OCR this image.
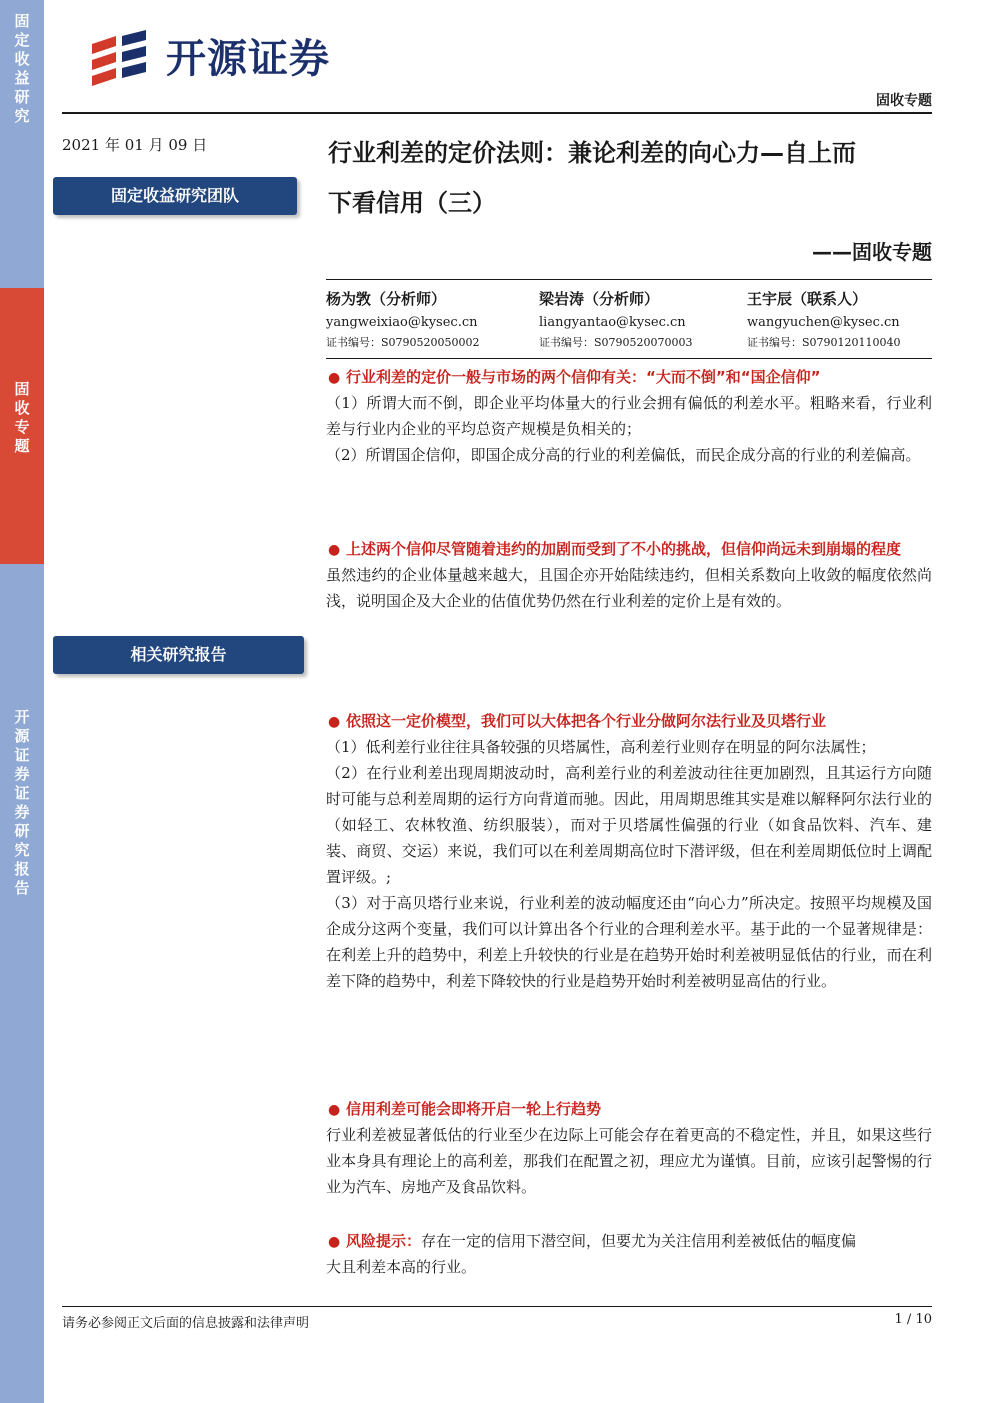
固定收益研究
固收专题
开源证券 证券研究报告
开源证券
固收专题
2021 年 01 月 09 日
固定收益研究团队
相关研究报告
行业利差的定价法则：兼论利差的向心力—自上而
下看信用（三）
——固收专题
杨为敩（分析师）
yangweixiao@kysec.cn
证书编号：S0790520050002
梁岩涛（分析师）
liangyantao@kysec.cn
证书编号：S0790520070003
王宇辰（联系人）
wangyuchen@kysec.cn
证书编号：S0790120110040
● 行业利差的定价一般与市场的两个信仰有关：“大而不倒”和“国企信仰”
（1）所谓大而不倒，即企业平均体量大的行业会拥有偏低的利差水平。粗略来看，行业利差与行业内企业的平均总资产规模是负相关的；
（2）所谓国企信仰，即国企成分高的行业的利差偏低，而民企成分高的行业的利差偏高。
● 上述两个信仰尽管随着违约的加剧而受到了不小的挑战，但信仰尚远未到崩塌的程度
虽然违约的企业体量越来越大，且国企亦开始陆续违约，但相关系数向上收敛的幅度依然尚浅，说明国企及大企业的估值优势仍然在行业利差的定价上是有效的。
● 依照这一定价模型，我们可以大体把各个行业分做阿尔法行业及贝塔行业
（1）低利差行业往往具备较强的贝塔属性，高利差行业则存在明显的阿尔法属性；
（2）在行业利差出现周期波动时，高利差行业的利差波动往往更加剧烈，且其运行方向随时可能与总利差周期的运行方向背道而驰。因此，用周期思维其实是难以解释阿尔法行业的（如轻工、农林牧渔、纺织服装），而对于贝塔属性偏强的行业（如食品饮料、汽车、建装、商贸、交运）来说，我们可以在利差周期高位时下潜评级，但在利差周期低位时上调配置评级。;
（3）对于高贝塔行业来说，行业利差的波动幅度还由“向心力”所决定。按照平均规模及国企成分这两个变量，我们可以计算出各个行业的合理利差水平。基于此的一个显著规律是：在利差上升的趋势中，利差上升较快的行业是在趋势开始时利差被明显低估的行业，而在利差下降的趋势中，利差下降较快的行业是趋势开始时利差被明显高估的行业。
● 信用利差可能会即将开启一轮上行趋势
行业利差被显著低估的行业至少在边际上可能会存在着更高的不稳定性，并且，如果这些行业本身具有理论上的高利差，那我们在配置之初，理应尤为谨慎。目前，应该引起警惕的行业为汽车、房地产及食品饮料。
● 风险提示：存在一定的信用下潜空间，但要尤为关注信用利差被低估的幅度偏
大且利差本高的行业。
请务必参阅正文后面的信息披露和法律声明	1 / 10
